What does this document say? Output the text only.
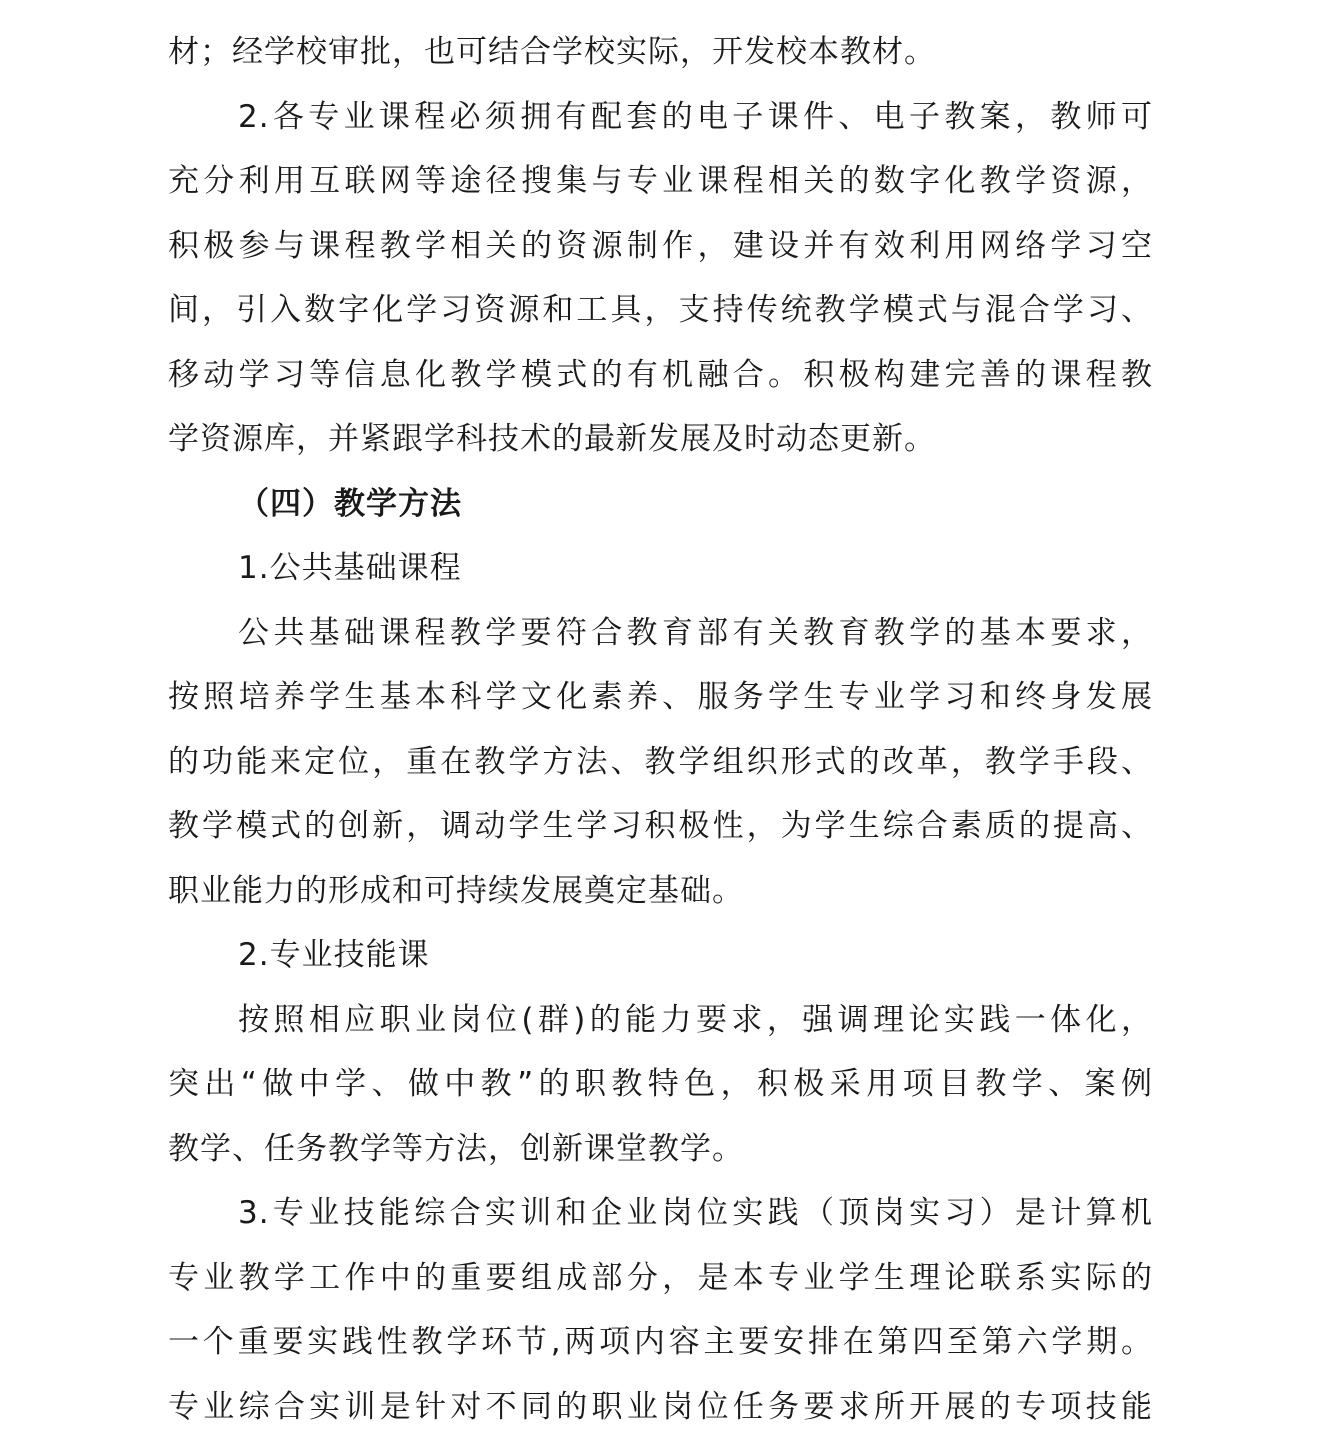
材；经学校审批，也可结合学校实际，开发校本教材。
2.各专业课程必须拥有配套的电子课件、电子教案，教师可
充分利用互联网等途径搜集与专业课程相关的数字化教学资源，
积极参与课程教学相关的资源制作，建设并有效利用网络学习空
间，引入数字化学习资源和工具，支持传统教学模式与混合学习、
移动学习等信息化教学模式的有机融合。积极构建完善的课程教
学资源库，并紧跟学科技术的最新发展及时动态更新。
（四）教学方法
1.公共基础课程
公共基础课程教学要符合教育部有关教育教学的基本要求，
按照培养学生基本科学文化素养、服务学生专业学习和终身发展
的功能来定位，重在教学方法、教学组织形式的改革，教学手段、
教学模式的创新，调动学生学习积极性，为学生综合素质的提高、
职业能力的形成和可持续发展奠定基础。
2.专业技能课
按照相应职业岗位(群)的能力要求，强调理论实践一体化，
突出“做中学、做中教”的职教特色，积极采用项目教学、案例
教学、任务教学等方法，创新课堂教学。
3.专业技能综合实训和企业岗位实践（顶岗实习）是计算机
专业教学工作中的重要组成部分，是本专业学生理论联系实际的
一个重要实践性教学环节,两项内容主要安排在第四至第六学期。
专业综合实训是针对不同的职业岗位任务要求所开展的专项技能
